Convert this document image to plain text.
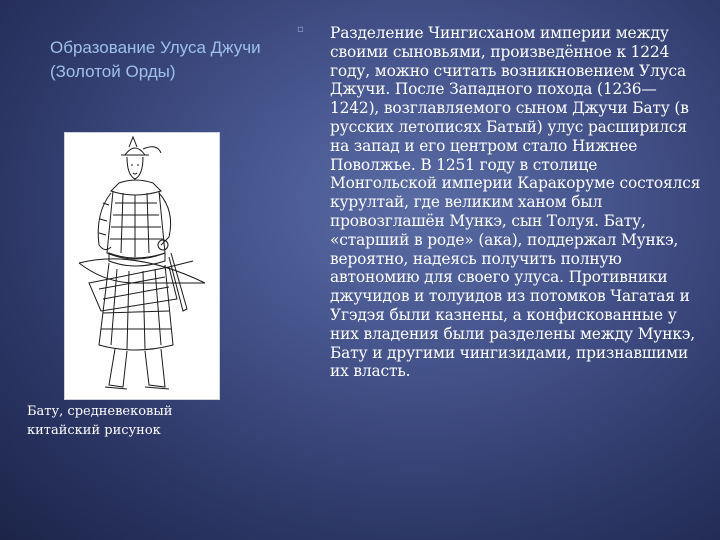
Образование Улуса Джучи (Золотой Орды)
Бату, средневековый китайский рисунок
▫ Разделение Чингисханом империи между своими сыновьями, произведённое к 1224 году, можно считать возникновением Улуса Джучи. После Западного похода (1236—1242), возглавляемого сыном Джучи Бату (в русских летописях Батый) улус расширился на запад и его центром стало Нижнее Поволжье. В 1251 году в столице Монгольской империи Каракоруме состоялся курултай, где великим ханом был провозглашён Мункэ, сын Толуя. Бату, «старший в роде» (ака), поддержал Мункэ, вероятно, надеясь получить полную автономию для своего улуса. Противники джучидов и толуидов из потомков Чагатая и Угэдэя были казнены, а конфискованные у них владения были разделены между Мункэ, Бату и другими чингизидами, признавшими их власть.
